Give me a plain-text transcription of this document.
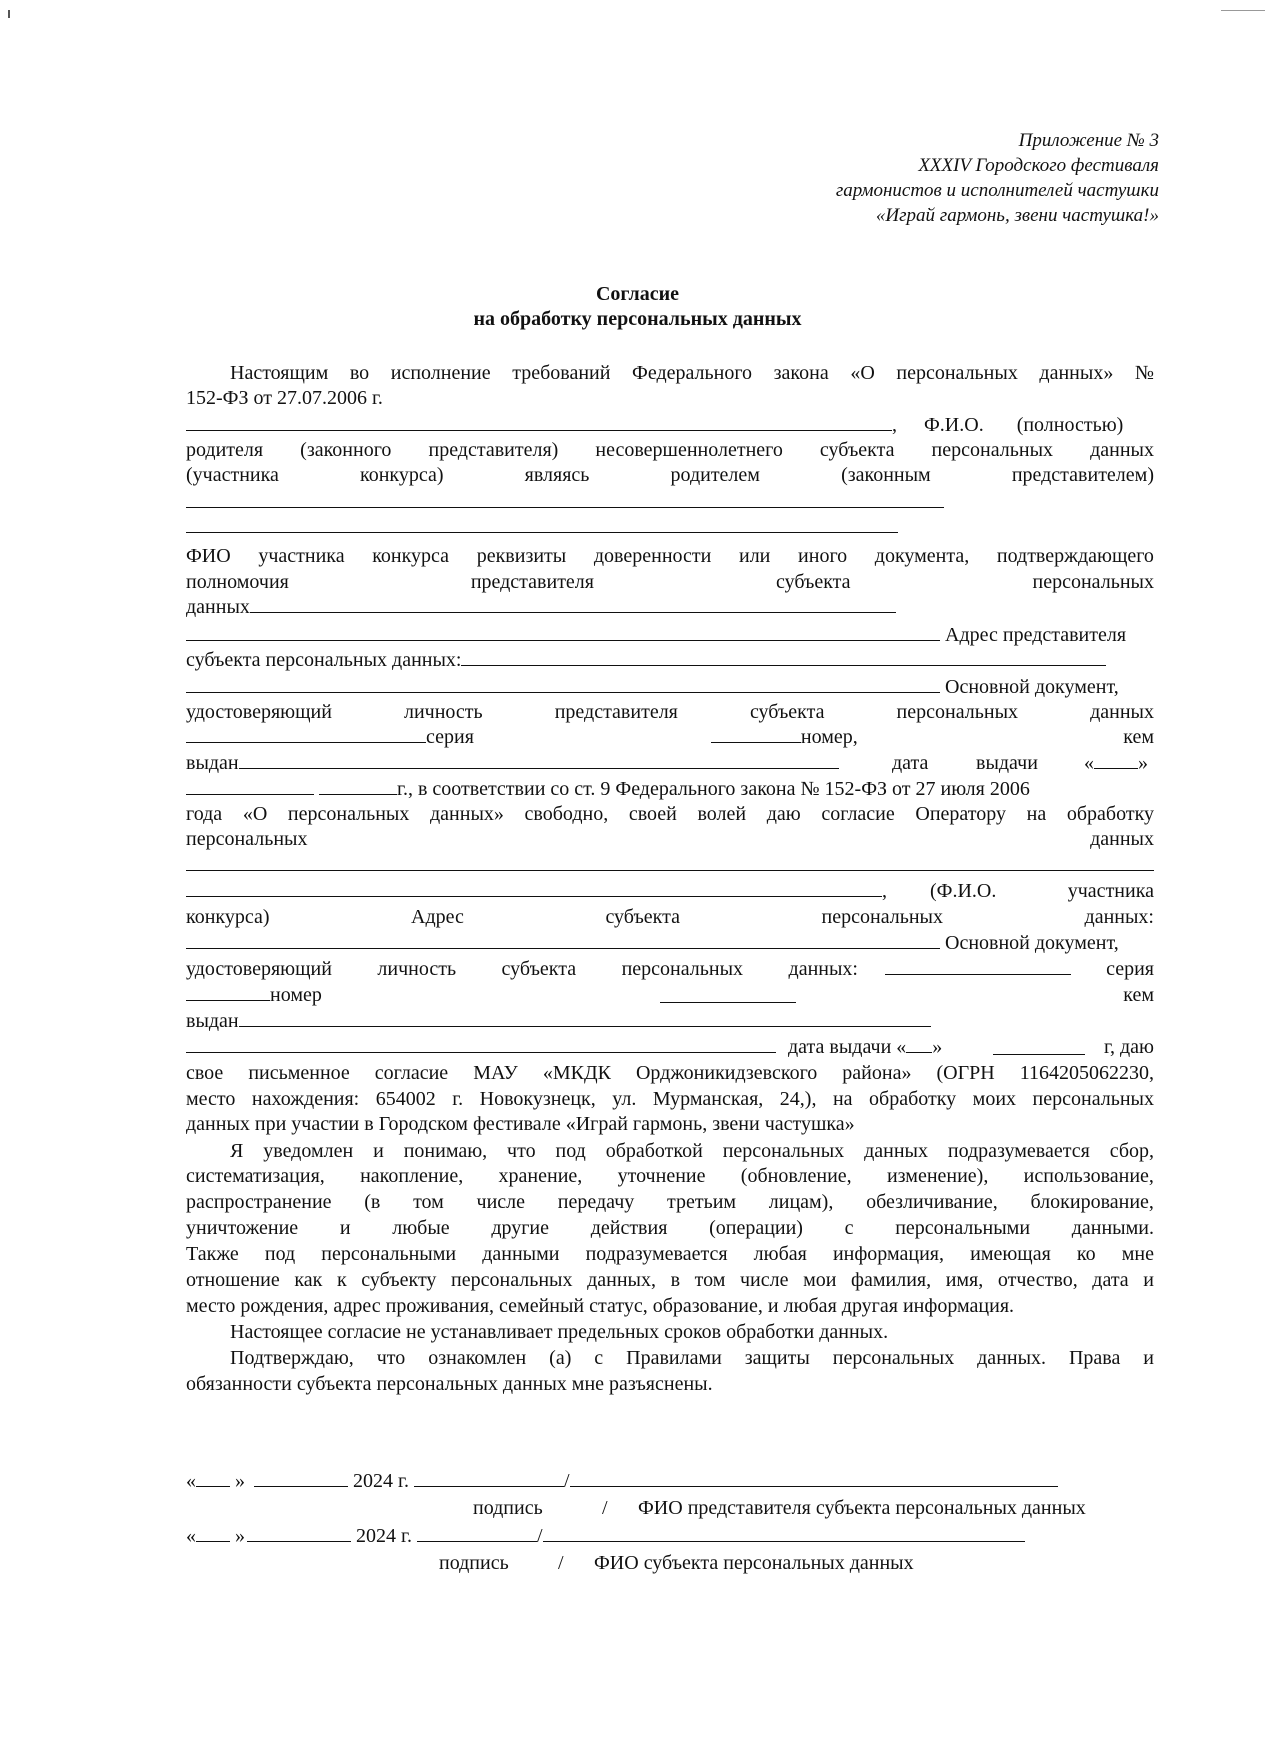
Приложение № 3
XXXIV Городского фестиваля
гармонистов и исполнителей частушки
«Играй гармонь, звени частушка!»
Согласие
на обработку персональных данных
Настоящим во исполнение требований Федерального закона «О персональных данных» №
152-ФЗ от 27.07.2006 г.
, Ф.И.О. (полностью)
родителя (законного представителя) несовершеннолетнего субъекта персональных данных
(участника	конкурса)	являясь	родителем	(законным	представителем)
ФИО участника конкурса реквизиты доверенности или иного документа, подтверждающего
полномочия	представителя	субъекта	персональных
данных
Адрес представителя
субъекта персональных данных:
Основной документ,
удостоверяющий	личность	представителя	субъекта	персональных	данных
серия	номер,	кем
выдан	дата выдачи « »
г., в соответствии со ст. 9 Федерального закона № 152-ФЗ от 27 июля 2006
года «О персональных данных» свободно, своей волей даю согласие Оператору на обработку
персональных	данных
, (Ф.И.О.	участника
конкурса)	Адрес	субъекта	персональных	данных:
Основной документ,
удостоверяющий личность субъекта персональных данных:
	серия
номер	кем
выдан
дата выдачи « »	г, даю
свое письменное согласие МАУ «МКДК Орджоникидзевского района» (ОГРН 1164205062230,
место нахождения: 654002 г. Новокузнецк, ул. Мурманская, 24,), на обработку моих персональных
данных при участии в Городском фестивале «Играй гармонь, звени частушка»
Я уведомлен и понимаю, что под обработкой персональных данных подразумевается сбор,
систематизация, накопление, хранение, уточнение (обновление, изменение), использование,
распространение (в том числе передачу третьим лицам), обезличивание, блокирование,
уничтожение и любые другие действия (операции) с персональными данными.
Также под персональными данными подразумевается любая информация, имеющая ко мне
отношение как к субъекту персональных данных, в том числе мои фамилия, имя, отчество, дата и
место рождения, адрес проживания, семейный статус, образование, и любая другая информация.
Настоящее согласие не устанавливает предельных сроков обработки данных.
Подтверждаю, что ознакомлен (а) с Правилами защиты персональных данных. Права и
обязанности субъекта персональных данных мне разъяснены.
« »	2024 г.	/
подпись	/ ФИО представителя субъекта персональных данных
« »	2024 г.	/
подпись / ФИО субъекта персональных данных
